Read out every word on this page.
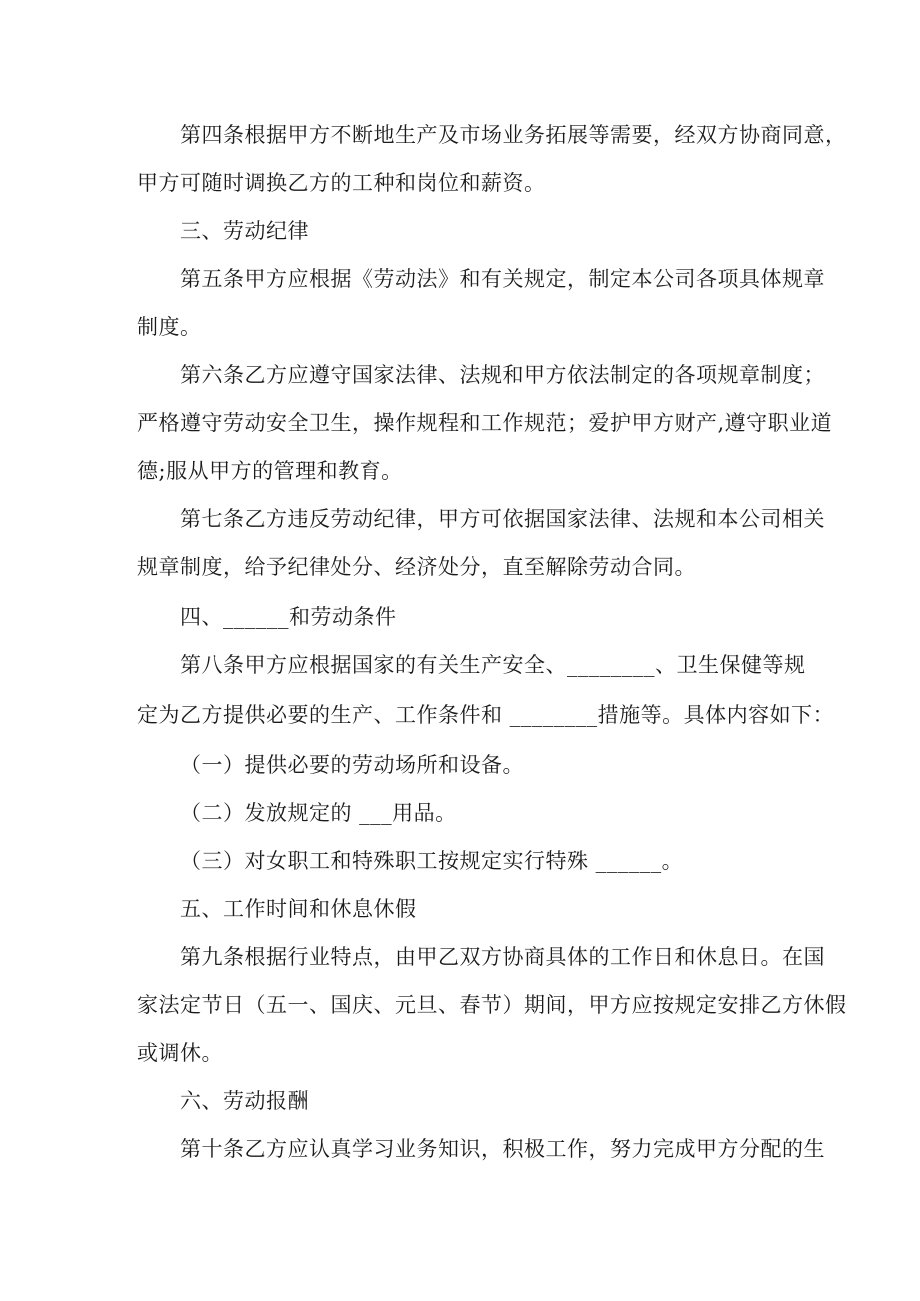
第四条根据甲方不断地生产及市场业务拓展等需要，经双方协商同意，
甲方可随时调换乙方的工种和岗位和薪资。
三、劳动纪律
第五条甲方应根据《劳动法》和有关规定，制定本公司各项具体规章
制度。
第六条乙方应遵守国家法律、法规和甲方依法制定的各项规章制度；
严格遵守劳动安全卫生，操作规程和工作规范；爱护甲方财产,遵守职业道
德;服从甲方的管理和教育。
第七条乙方违反劳动纪律，甲方可依据国家法律、法规和本公司相关
规章制度，给予纪律处分、经济处分，直至解除劳动合同。
四、______和劳动条件
第八条甲方应根据国家的有关生产安全、________、卫生保健等规
定为乙方提供必要的生产、工作条件和 ________措施等。具体内容如下：
（一）提供必要的劳动场所和设备。
（二）发放规定的 ___用品。
（三）对女职工和特殊职工按规定实行特殊 ______。
五、工作时间和休息休假
第九条根据行业特点，由甲乙双方协商具体的工作日和休息日。在国
家法定节日（五一、国庆、元旦、春节）期间，甲方应按规定安排乙方休假
或调休。
六、劳动报酬
第十条乙方应认真学习业务知识，积极工作，努力完成甲方分配的生
